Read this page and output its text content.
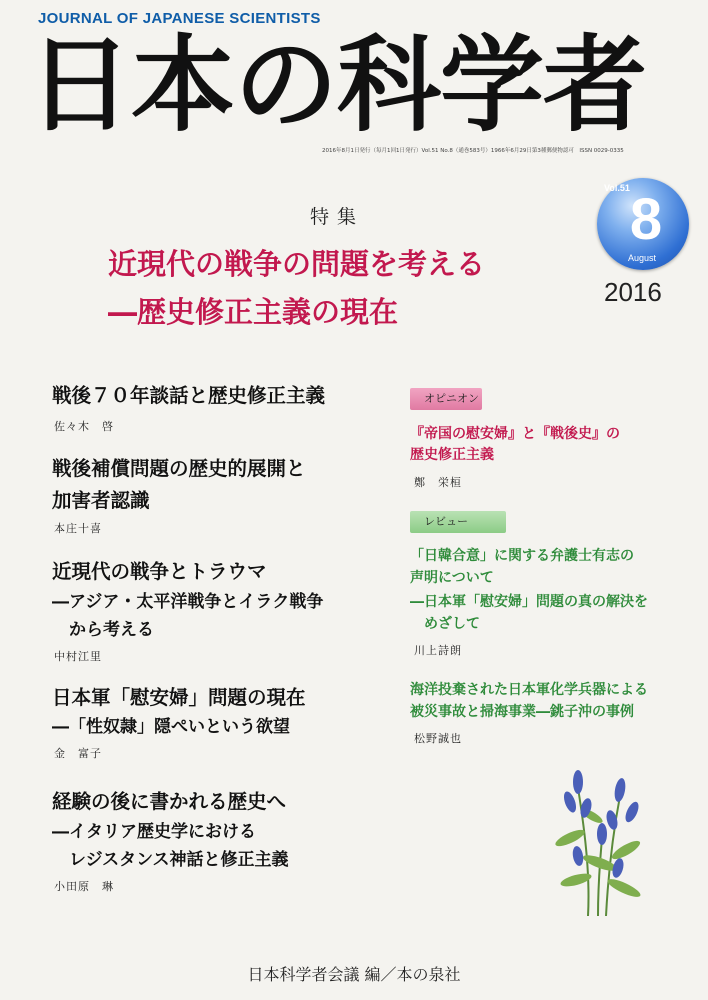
JOURNAL OF JAPANESE SCIENTISTS
日本の科学者
2016年8月1日発行（毎月1回1日発行）Vol.51 No.8（通巻583号）1966年6月29日第3種郵便物認可　ISSN 0029-0335
Vol.51 8
August
2016
特集
近現代の戦争の問題を考える
―歴史修正主義の現在
戦後７０年談話と歴史修正主義
佐々木　啓
戦後補償問題の歴史的展開と
加害者認識
本庄十喜
近現代の戦争とトラウマ
―アジア・太平洋戦争とイラク戦争
　から考える
中村江里
日本軍「慰安婦」問題の現在
―「性奴隷」隠ぺいという欲望
金　富子
経験の後に書かれる歴史へ
―イタリア歴史学における
　レジスタンス神話と修正主義
小田原　琳
オピニオン
『帝国の慰安婦』と『戦後史』の
歴史修正主義
鄭　栄桓
レビュー
「日韓合意」に関する弁護士有志の
声明について
―日本軍「慰安婦」問題の真の解決を
　めざして
川上詩朗
海洋投棄された日本軍化学兵器による
被災事故と掃海事業―銚子沖の事例
松野誠也
日本科学者会議 編／本の泉社
